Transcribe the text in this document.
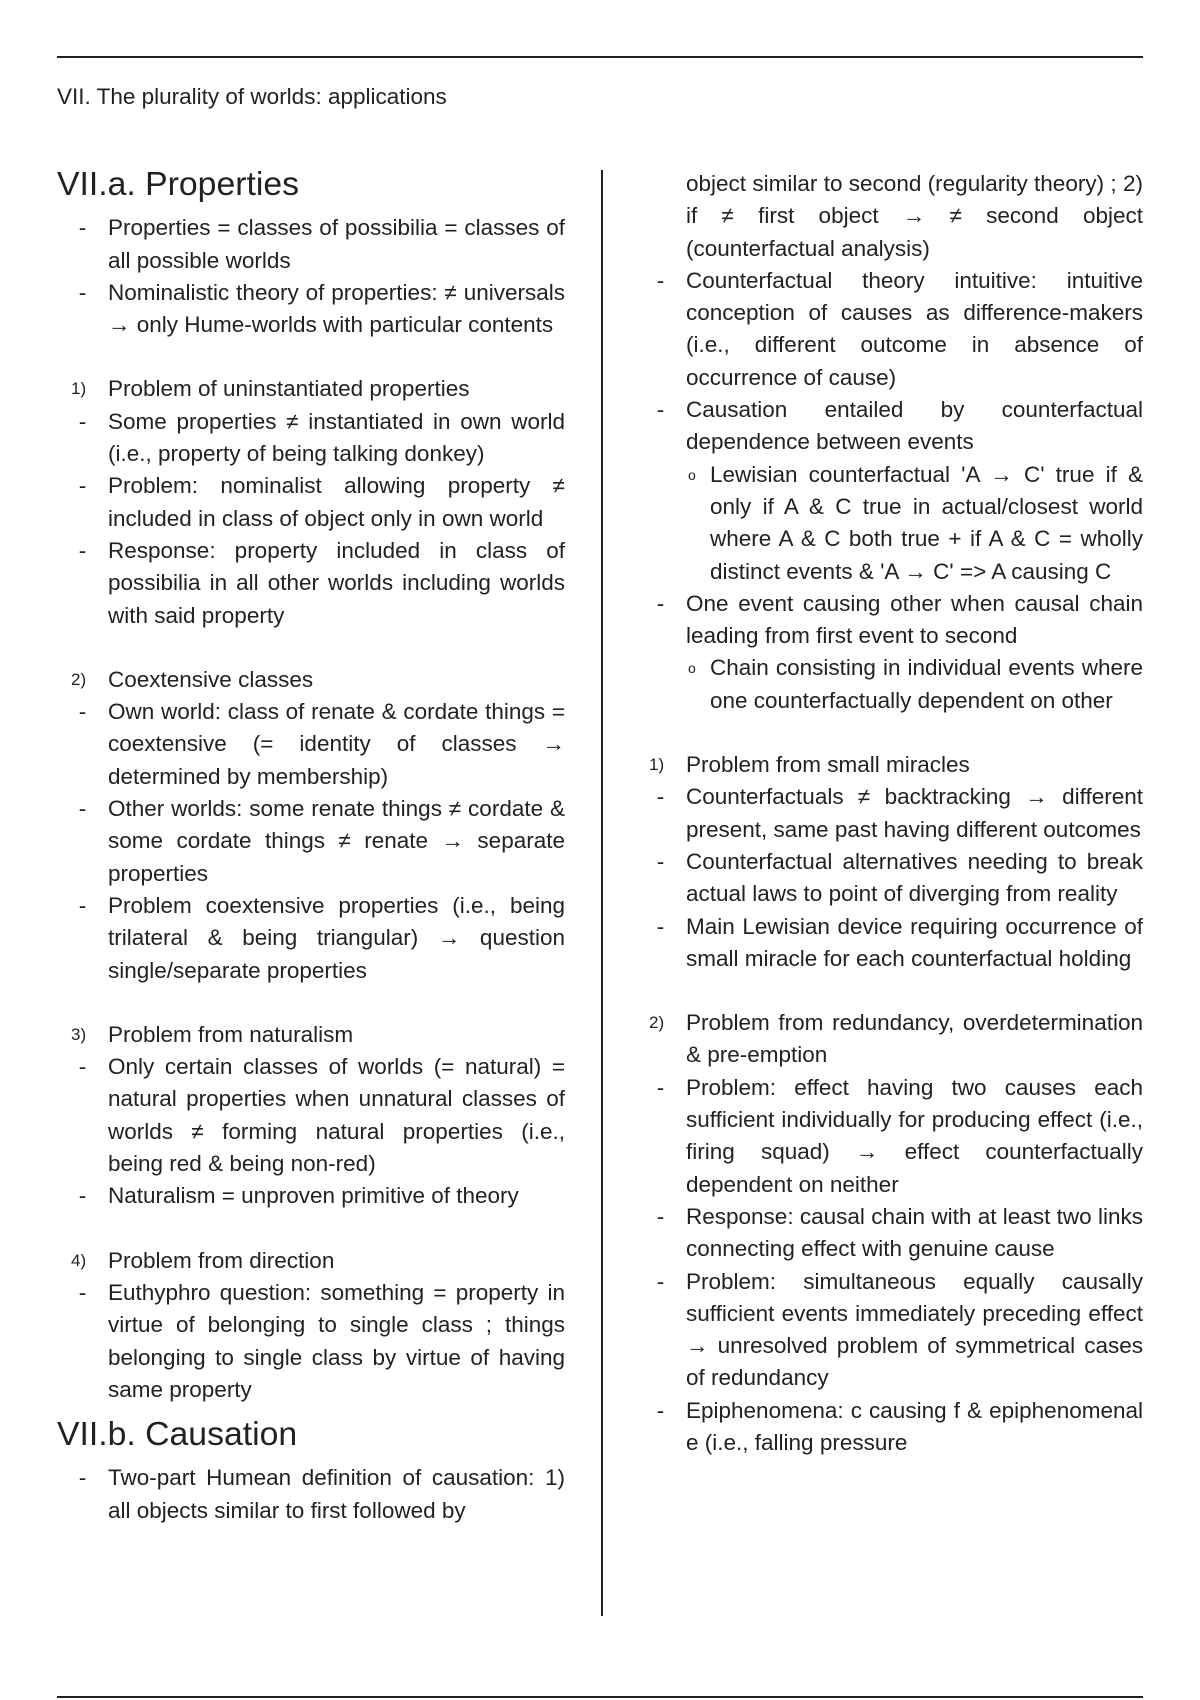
VII. The plurality of worlds: applications
VII.a. Properties
- Properties = classes of possibilia = classes of all possible worlds
- Nominalistic theory of properties: ≠ universals → only Hume-worlds with particular contents
1) Problem of uninstantiated properties
- Some properties ≠ instantiated in own world (i.e., property of being talking donkey)
- Problem: nominalist allowing property ≠ included in class of object only in own world
- Response: property included in class of possibilia in all other worlds including worlds with said property
2) Coextensive classes
- Own world: class of renate & cordate things = coextensive (= identity of classes → determined by membership)
- Other worlds: some renate things ≠ cordate & some cordate things ≠ renate → separate properties
- Problem coextensive properties (i.e., being trilateral & being triangular) → question single/separate properties
3) Problem from naturalism
- Only certain classes of worlds (= natural) = natural properties when unnatural classes of worlds ≠ forming natural properties (i.e., being red & being non-red)
- Naturalism = unproven primitive of theory
4) Problem from direction
- Euthyphro question: something = property in virtue of belonging to single class ; things belonging to single class by virtue of having same property
VII.b. Causation
- Two-part Humean definition of causation: 1) all objects similar to first followed by
object similar to second (regularity theory) ; 2) if ≠ first object → ≠ second object (counterfactual analysis)
- Counterfactual theory intuitive: intuitive conception of causes as difference-makers (i.e., different outcome in absence of occurrence of cause)
- Causation entailed by counterfactual dependence between events
o Lewisian counterfactual 'A → C' true if & only if A & C true in actual/closest world where A & C both true + if A & C = wholly distinct events & 'A → C' => A causing C
- One event causing other when causal chain leading from first event to second
o Chain consisting in individual events where one counterfactually dependent on other
1) Problem from small miracles
- Counterfactuals ≠ backtracking → different present, same past having different outcomes
- Counterfactual alternatives needing to break actual laws to point of diverging from reality
- Main Lewisian device requiring occurrence of small miracle for each counterfactual holding
2) Problem from redundancy, overdetermination & pre-emption
- Problem: effect having two causes each sufficient individually for producing effect (i.e., firing squad) → effect counterfactually dependent on neither
- Response: causal chain with at least two links connecting effect with genuine cause
- Problem: simultaneous equally causally sufficient events immediately preceding effect → unresolved problem of symmetrical cases of redundancy
- Epiphenomena: c causing f & epiphenomenal e (i.e., falling pressure
